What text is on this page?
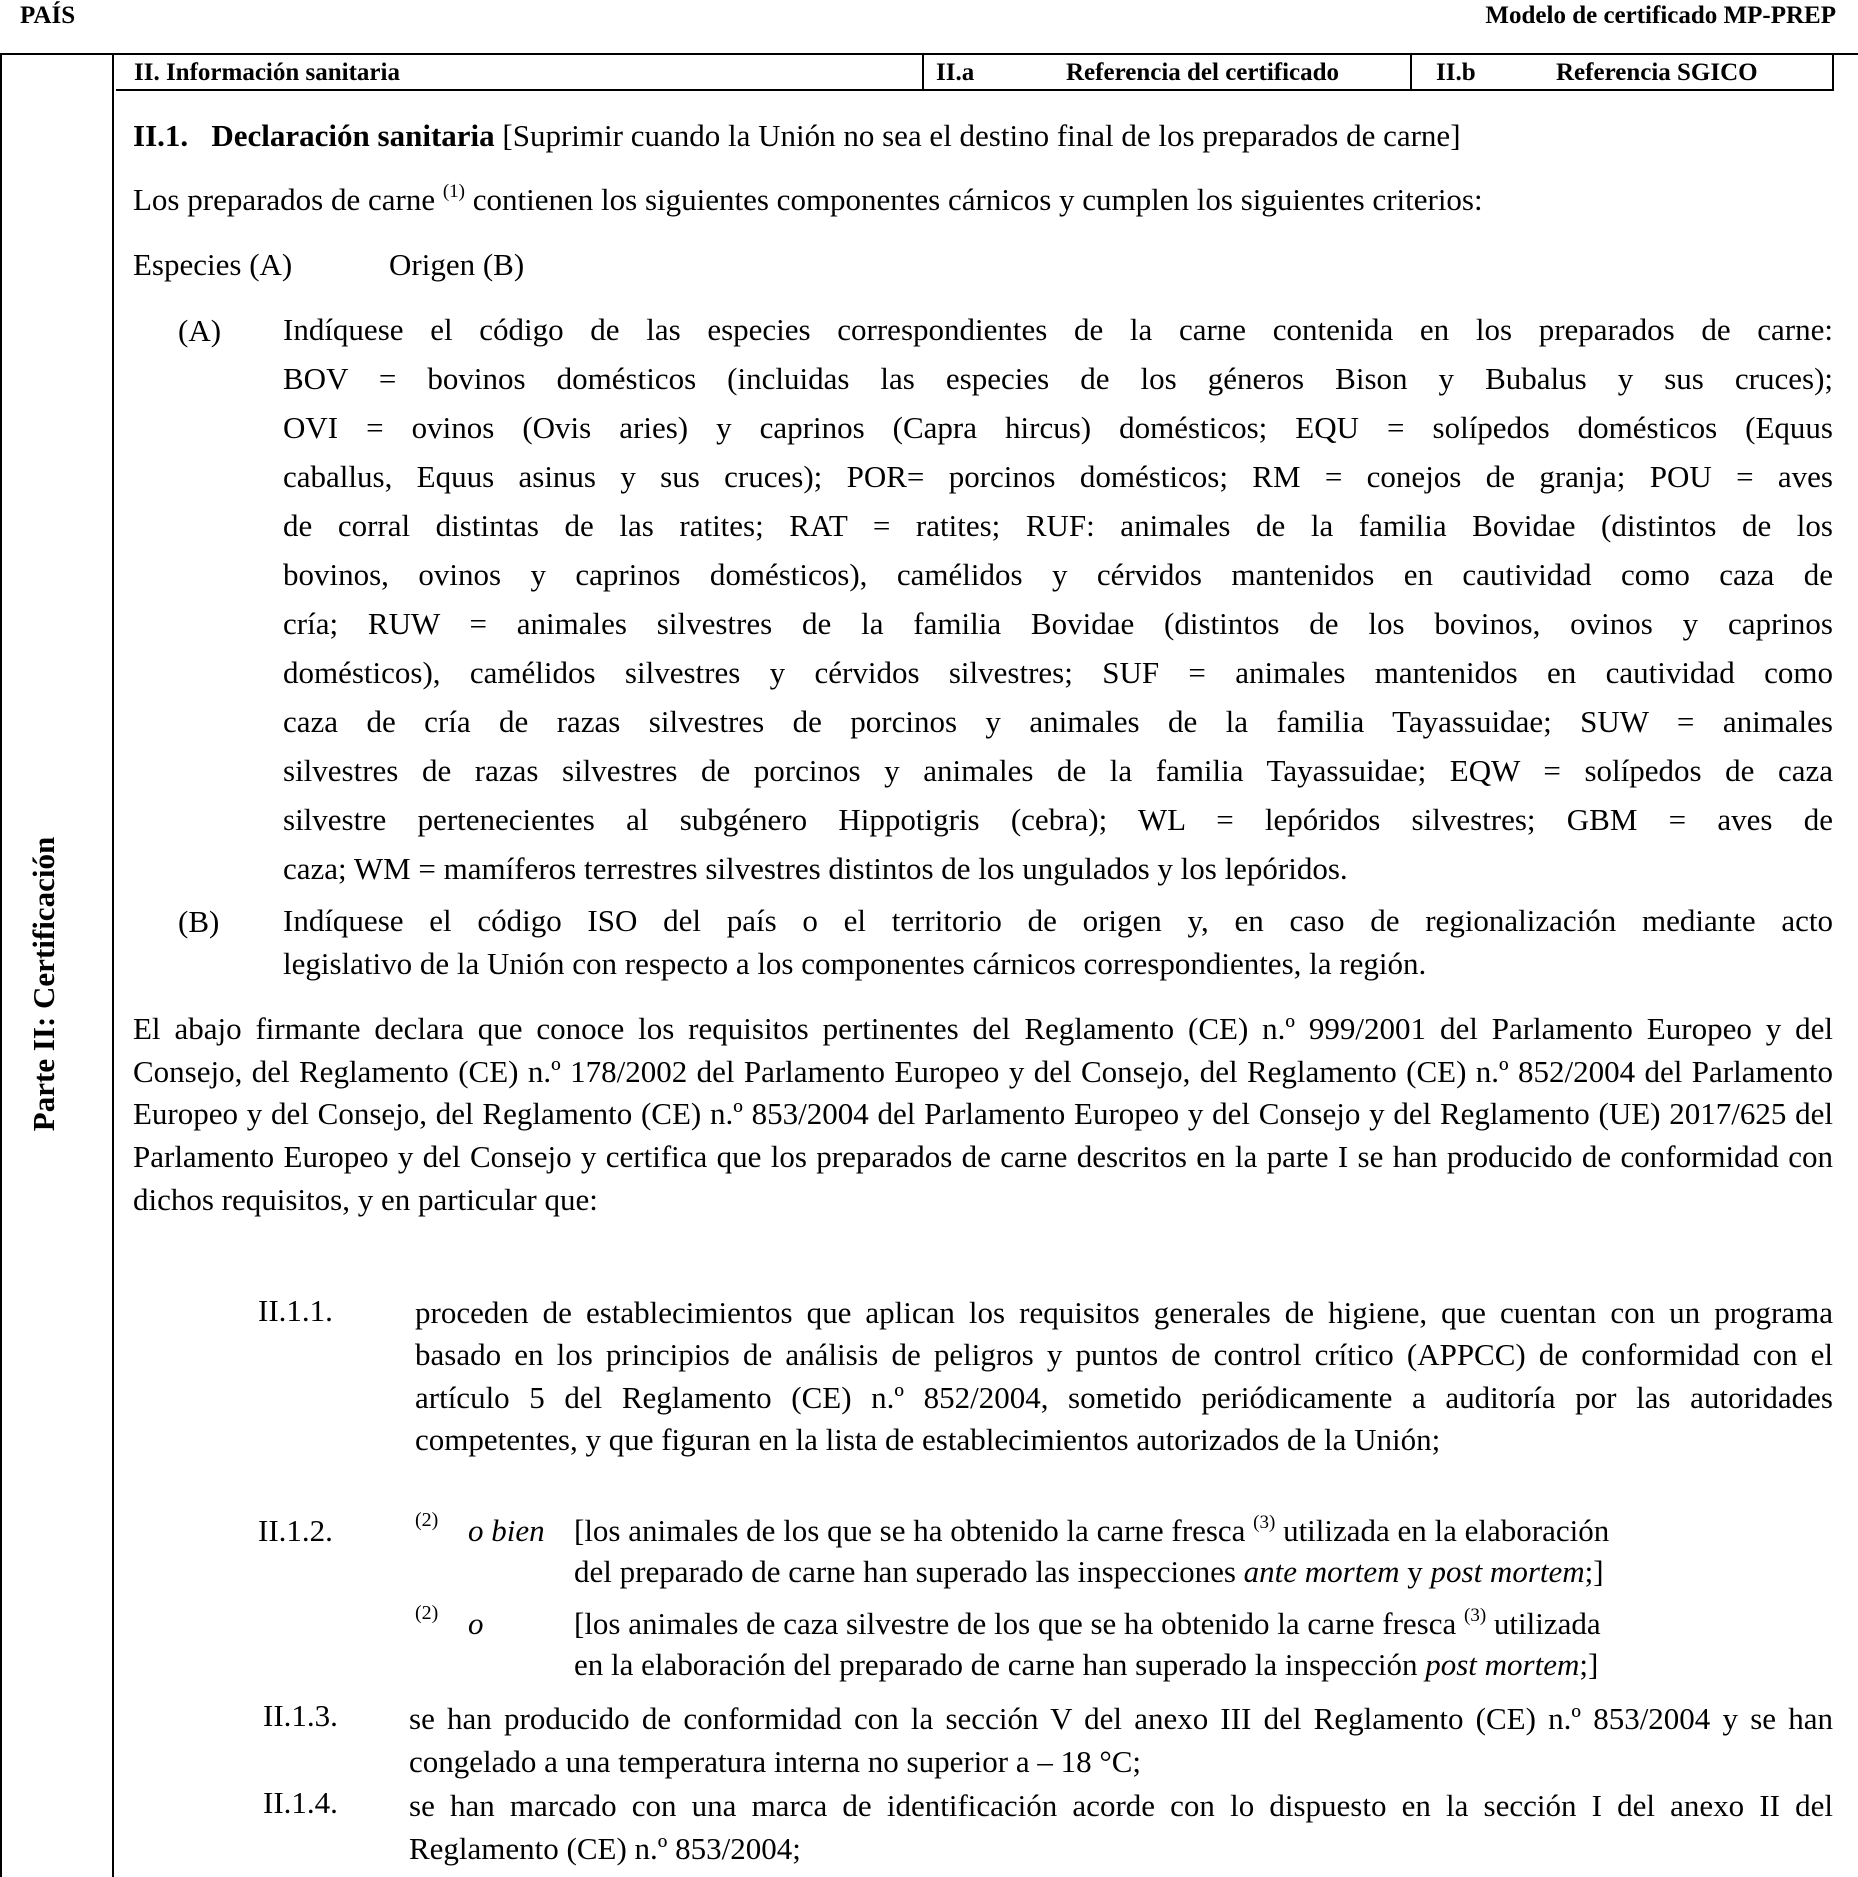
PAÍS	Modelo de certificado MP-PREP
Parte II: Certificación
II. Información sanitaria	II.a	Referencia del certificado	II.b	Referencia SGICO
II.1. Declaración sanitaria [Suprimir cuando la Unión no sea el destino final de los preparados de carne]
Los preparados de carne $^{(1)}$ contienen los siguientes componentes cárnicos y cumplen los siguientes criterios:
Especies (A)	Origen (B)
(A) Indíquese el código de las especies correspondientes de la carne contenida en los preparados de carne:
BOV = bovinos domésticos (incluidas las especies de los géneros Bison y Bubalus y sus cruces);
OVI = ovinos (Ovis aries) y caprinos (Capra hircus) domésticos; EQU = solípedos domésticos (Equus
caballus, Equus asinus y sus cruces); POR= porcinos domésticos; RM = conejos de granja; POU = aves
de corral distintas de las ratites; RAT = ratites; RUF: animales de la familia Bovidae (distintos de los
bovinos, ovinos y caprinos domésticos), camélidos y cérvidos mantenidos en cautividad como caza de
cría; RUW = animales silvestres de la familia Bovidae (distintos de los bovinos, ovinos y caprinos
domésticos), camélidos silvestres y cérvidos silvestres; SUF = animales mantenidos en cautividad como
caza de cría de razas silvestres de porcinos y animales de la familia Tayassuidae; SUW = animales
silvestres de razas silvestres de porcinos y animales de la familia Tayassuidae; EQW = solípedos de caza
silvestre pertenecientes al subgénero Hippotigris (cebra); WL = lepóridos silvestres; GBM = aves de
caza; WM = mamíferos terrestres silvestres distintos de los ungulados y los lepóridos.
(B) Indíquese el código ISO del país o el territorio de origen y, en caso de regionalización mediante acto
legislativo de la Unión con respecto a los componentes cárnicos correspondientes, la región.
El abajo firmante declara que conoce los requisitos pertinentes del Reglamento (CE) n.º 999/2001 del Parlamento Europeo y del Consejo, del Reglamento (CE) n.º 178/2002 del Parlamento Europeo y del Consejo, del Reglamento (CE) n.º 852/2004 del Parlamento Europeo y del Consejo, del Reglamento (CE) n.º 853/2004 del Parlamento Europeo y del Consejo y del Reglamento (UE) 2017/625 del Parlamento Europeo y del Consejo y certifica que los preparados de carne descritos en la parte I se han producido de conformidad con dichos requisitos, y en particular que:
II.1.1.	proceden de establecimientos que aplican los requisitos generales de higiene, que cuentan con un programa basado en los principios de análisis de peligros y puntos de control crítico (APPCC) de conformidad con el artículo 5 del Reglamento (CE) n.º 852/2004, sometido periódicamente a auditoría por las autoridades competentes, y que figuran en la lista de establecimientos autorizados de la Unión;
II.1.2.	(2) o bien [los animales de los que se ha obtenido la carne fresca $^{(3)}$ utilizada en la elaboración
del preparado de carne han superado las inspecciones ante mortem y post mortem;]
(2) o	[los animales de caza silvestre de los que se ha obtenido la carne fresca $^{(3)}$ utilizada
en la elaboración del preparado de carne han superado la inspección post mortem;]
II.1.3. se han producido de conformidad con la sección V del anexo III del Reglamento (CE) n.º 853/2004 y se han congelado a una temperatura interna no superior a – 18 °C;
II.1.4. se han marcado con una marca de identificación acorde con lo dispuesto en la sección I del anexo II del Reglamento (CE) n.º 853/2004;
